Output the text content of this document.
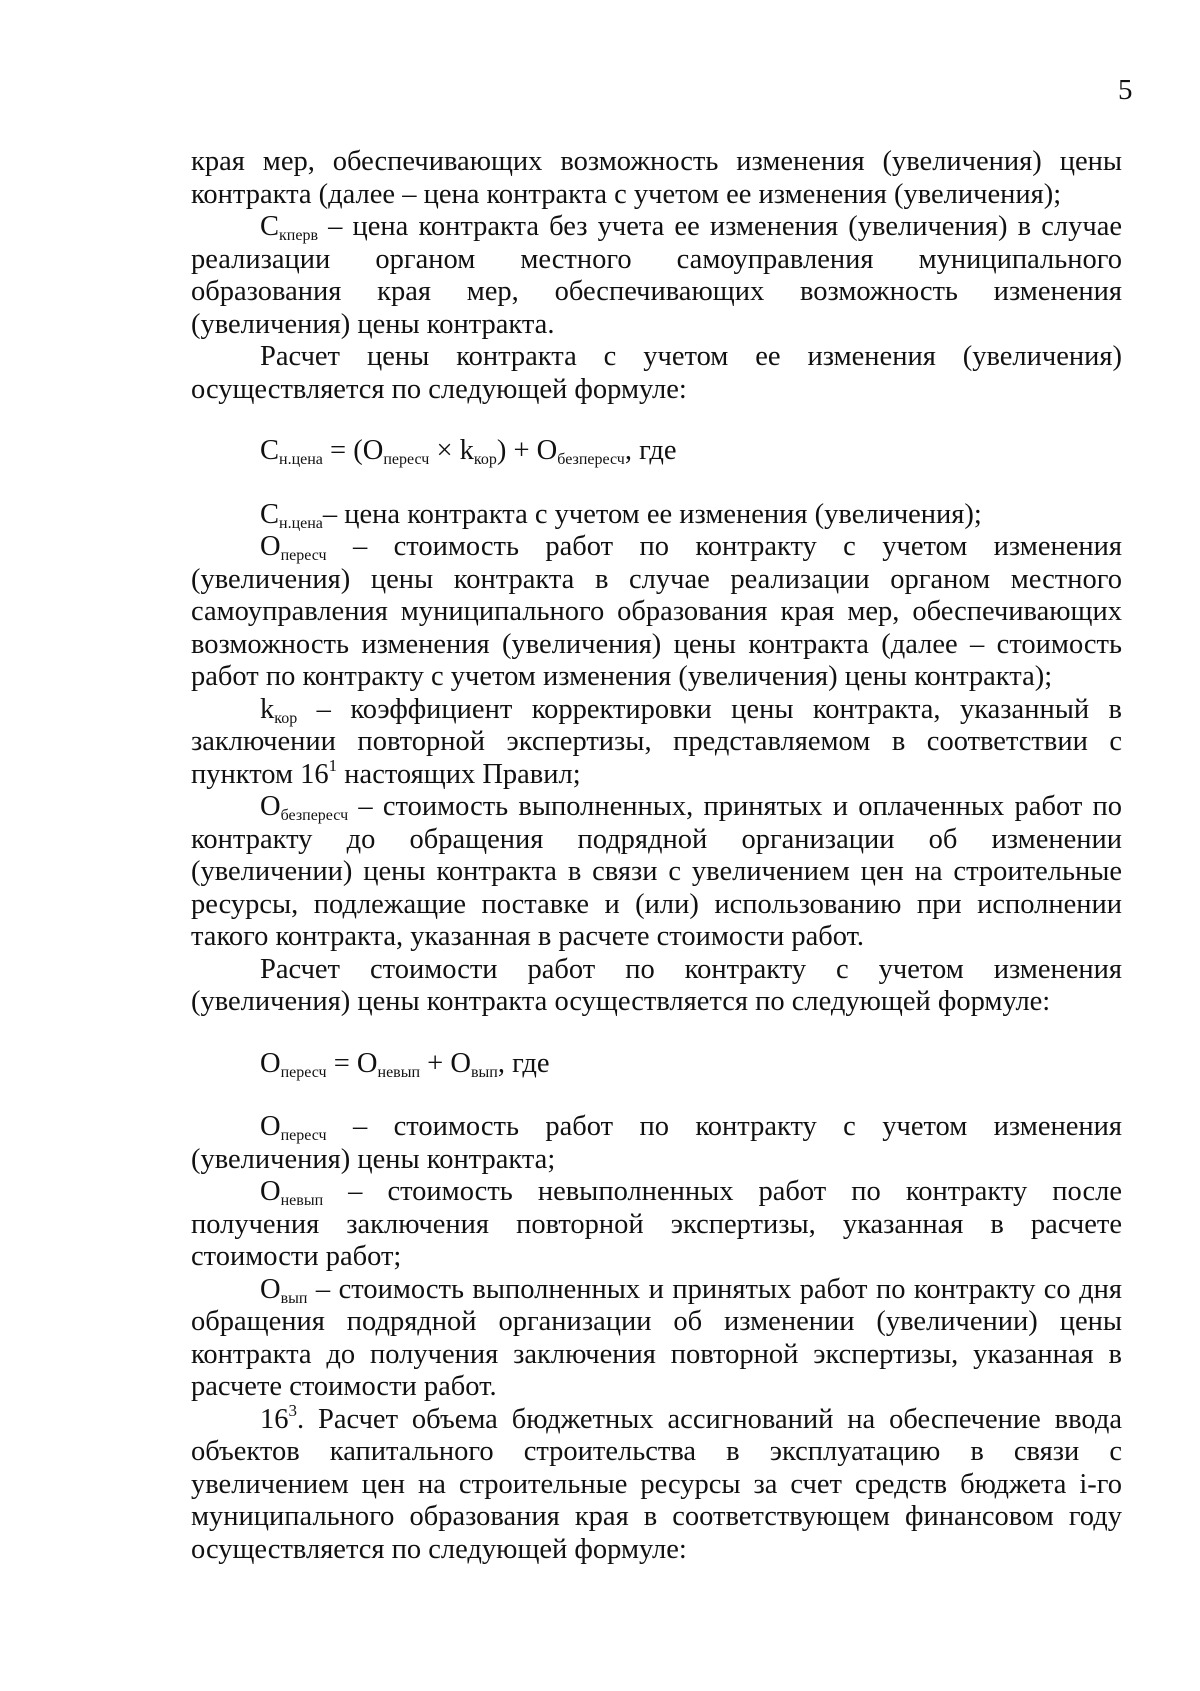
5

края мер, обеспечивающих возможность изменения (увеличения) цены контракта (далее – цена контракта с учетом ее изменения (увеличения);

$С_{кперв}$ – цена контракта без учета ее изменения (увеличения) в случае реализации органом местного самоуправления муниципального образования края мер, обеспечивающих возможность изменения (увеличения) цены контракта.

Расчет цены контракта с учетом ее изменения (увеличения) осуществляется по следующей формуле:

$С_{н.цена} = (О_{пересч} \times k_{кор}) + О_{безпересч}$, где

$С_{н.цена}-$ цена контракта с учетом ее изменения (увеличения);

$О_{пересч}$ – стоимость работ по контракту с учетом изменения (увеличения) цены контракта в случае реализации органом местного самоуправления муниципального образования края мер, обеспечивающих возможность изменения (увеличения) цены контракта (далее – стоимость работ по контракту с учетом изменения (увеличения) цены контракта);

$k_{кор}$ – коэффициент корректировки цены контракта, указанный в заключении повторной экспертизы, представляемом в соответствии с пунктом $16^1$ настоящих Правил;

$О_{безпересч}$ – стоимость выполненных, принятых и оплаченных работ по контракту до обращения подрядной организации об изменении (увеличении) цены контракта в связи с увеличением цен на строительные ресурсы, подлежащие поставке и (или) использованию при исполнении такого контракта, указанная в расчете стоимости работ.

Расчет стоимости работ по контракту с учетом изменения (увеличения) цены контракта осуществляется по следующей формуле:

$О_{пересч} = О_{невып} + О_{вып}$, где

$О_{пересч}$ – стоимость работ по контракту с учетом изменения (увеличения) цены контракта;

$О_{невып}$ – стоимость невыполненных работ по контракту после получения заключения повторной экспертизы, указанная в расчете стоимости работ;

$О_{вып}$ – стоимость выполненных и принятых работ по контракту со дня обращения подрядной организации об изменении (увеличении) цены контракта до получения заключения повторной экспертизы, указанная в расчете стоимости работ.

$16^3$. Расчет объема бюджетных ассигнований на обеспечение ввода объектов капитального строительства в эксплуатацию в связи с увеличением цен на строительные ресурсы за счет средств бюджета i-го муниципального образования края в соответствующем финансовом году осуществляется по следующей формуле:
